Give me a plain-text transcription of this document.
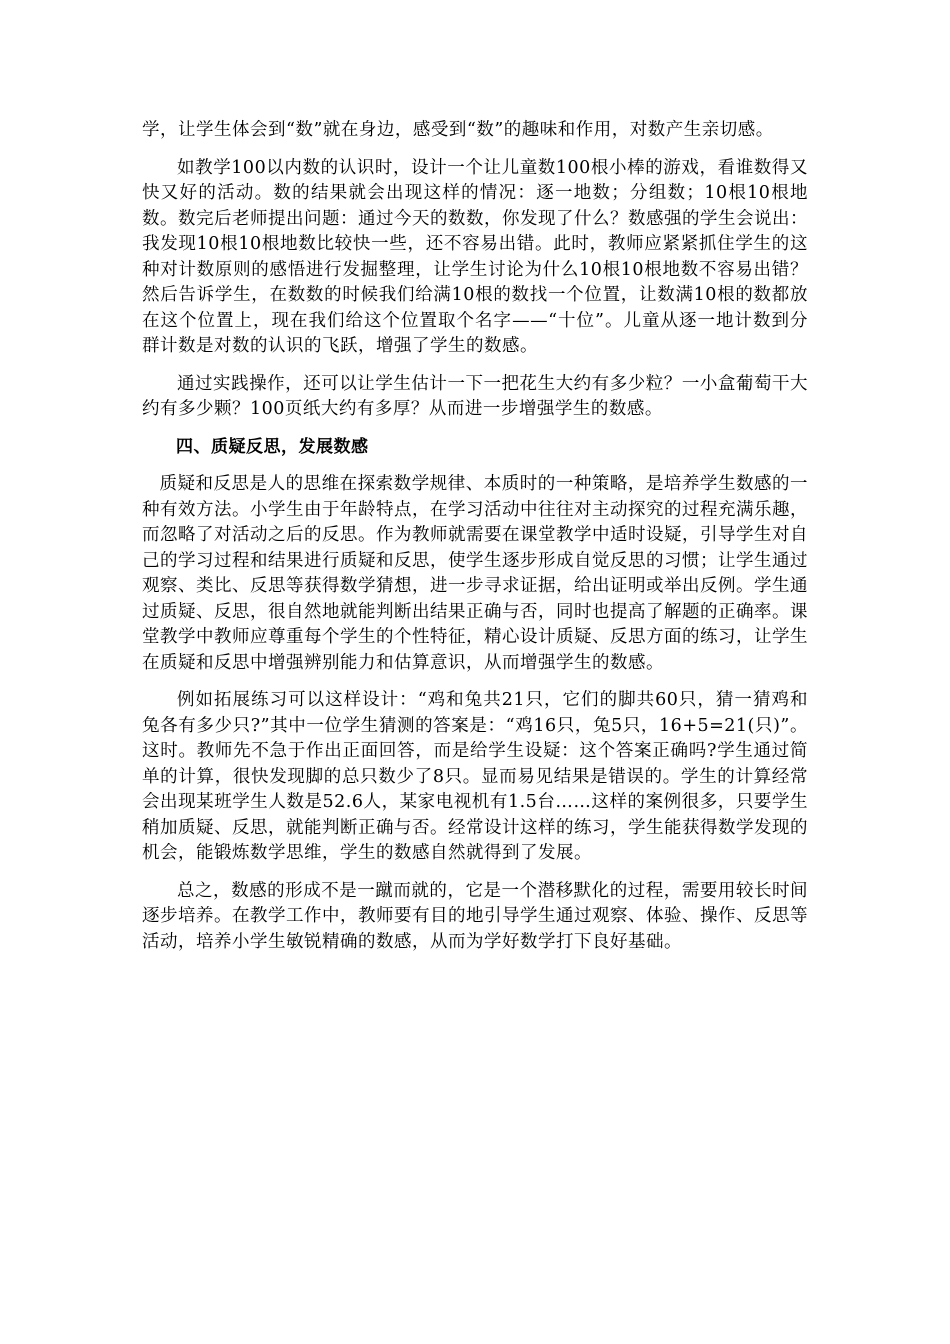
学，让学生体会到“数”就在身边，感受到“数”的趣味和作用，对数产生亲切感。

如教学100以内数的认识时，设计一个让儿童数100根小棒的游戏，看谁数得又快又好的活动。数的结果就会出现这样的情况：逐一地数；分组数；10根10根地数。数完后老师提出问题：通过今天的数数，你发现了什么？数感强的学生会说出：我发现10根10根地数比较快一些，还不容易出错。此时，教师应紧紧抓住学生的这种对计数原则的感悟进行发掘整理，让学生讨论为什么10根10根地数不容易出错？然后告诉学生，在数数的时候我们给满10根的数找一个位置，让数满10根的数都放在这个位置上，现在我们给这个位置取个名字——“十位”。儿童从逐一地计数到分群计数是对数的认识的飞跃，增强了学生的数感。

通过实践操作，还可以让学生估计一下一把花生大约有多少粒？一小盒葡萄干大约有多少颗？100页纸大约有多厚？从而进一步增强学生的数感。

四、质疑反思，发展数感

质疑和反思是人的思维在探索数学规律、本质时的一种策略，是培养学生数感的一种有效方法。小学生由于年龄特点，在学习活动中往往对主动探究的过程充满乐趣，而忽略了对活动之后的反思。作为教师就需要在课堂教学中适时设疑，引导学生对自己的学习过程和结果进行质疑和反思，使学生逐步形成自觉反思的习惯；让学生通过观察、类比、反思等获得数学猜想，进一步寻求证据，给出证明或举出反例。学生通过质疑、反思，很自然地就能判断出结果正确与否，同时也提高了解题的正确率。课堂教学中教师应尊重每个学生的个性特征，精心设计质疑、反思方面的练习，让学生在质疑和反思中增强辨别能力和估算意识，从而增强学生的数感。

例如拓展练习可以这样设计：“鸡和兔共21只，它们的脚共60只，猜一猜鸡和兔各有多少只?”其中一位学生猜测的答案是：“鸡16只，兔5只，16+5=21(只)”。这时。教师先不急于作出正面回答，而是给学生设疑：这个答案正确吗?学生通过简单的计算，很快发现脚的总只数少了8只。显而易见结果是错误的。学生的计算经常会出现某班学生人数是52.6人，某家电视机有1.5台……这样的案例很多，只要学生稍加质疑、反思，就能判断正确与否。经常设计这样的练习，学生能获得数学发现的机会，能锻炼数学思维，学生的数感自然就得到了发展。

总之，数感的形成不是一蹴而就的，它是一个潜移默化的过程，需要用较长时间逐步培养。在教学工作中，教师要有目的地引导学生通过观察、体验、操作、反思等活动，培养小学生敏锐精确的数感，从而为学好数学打下良好基础。
